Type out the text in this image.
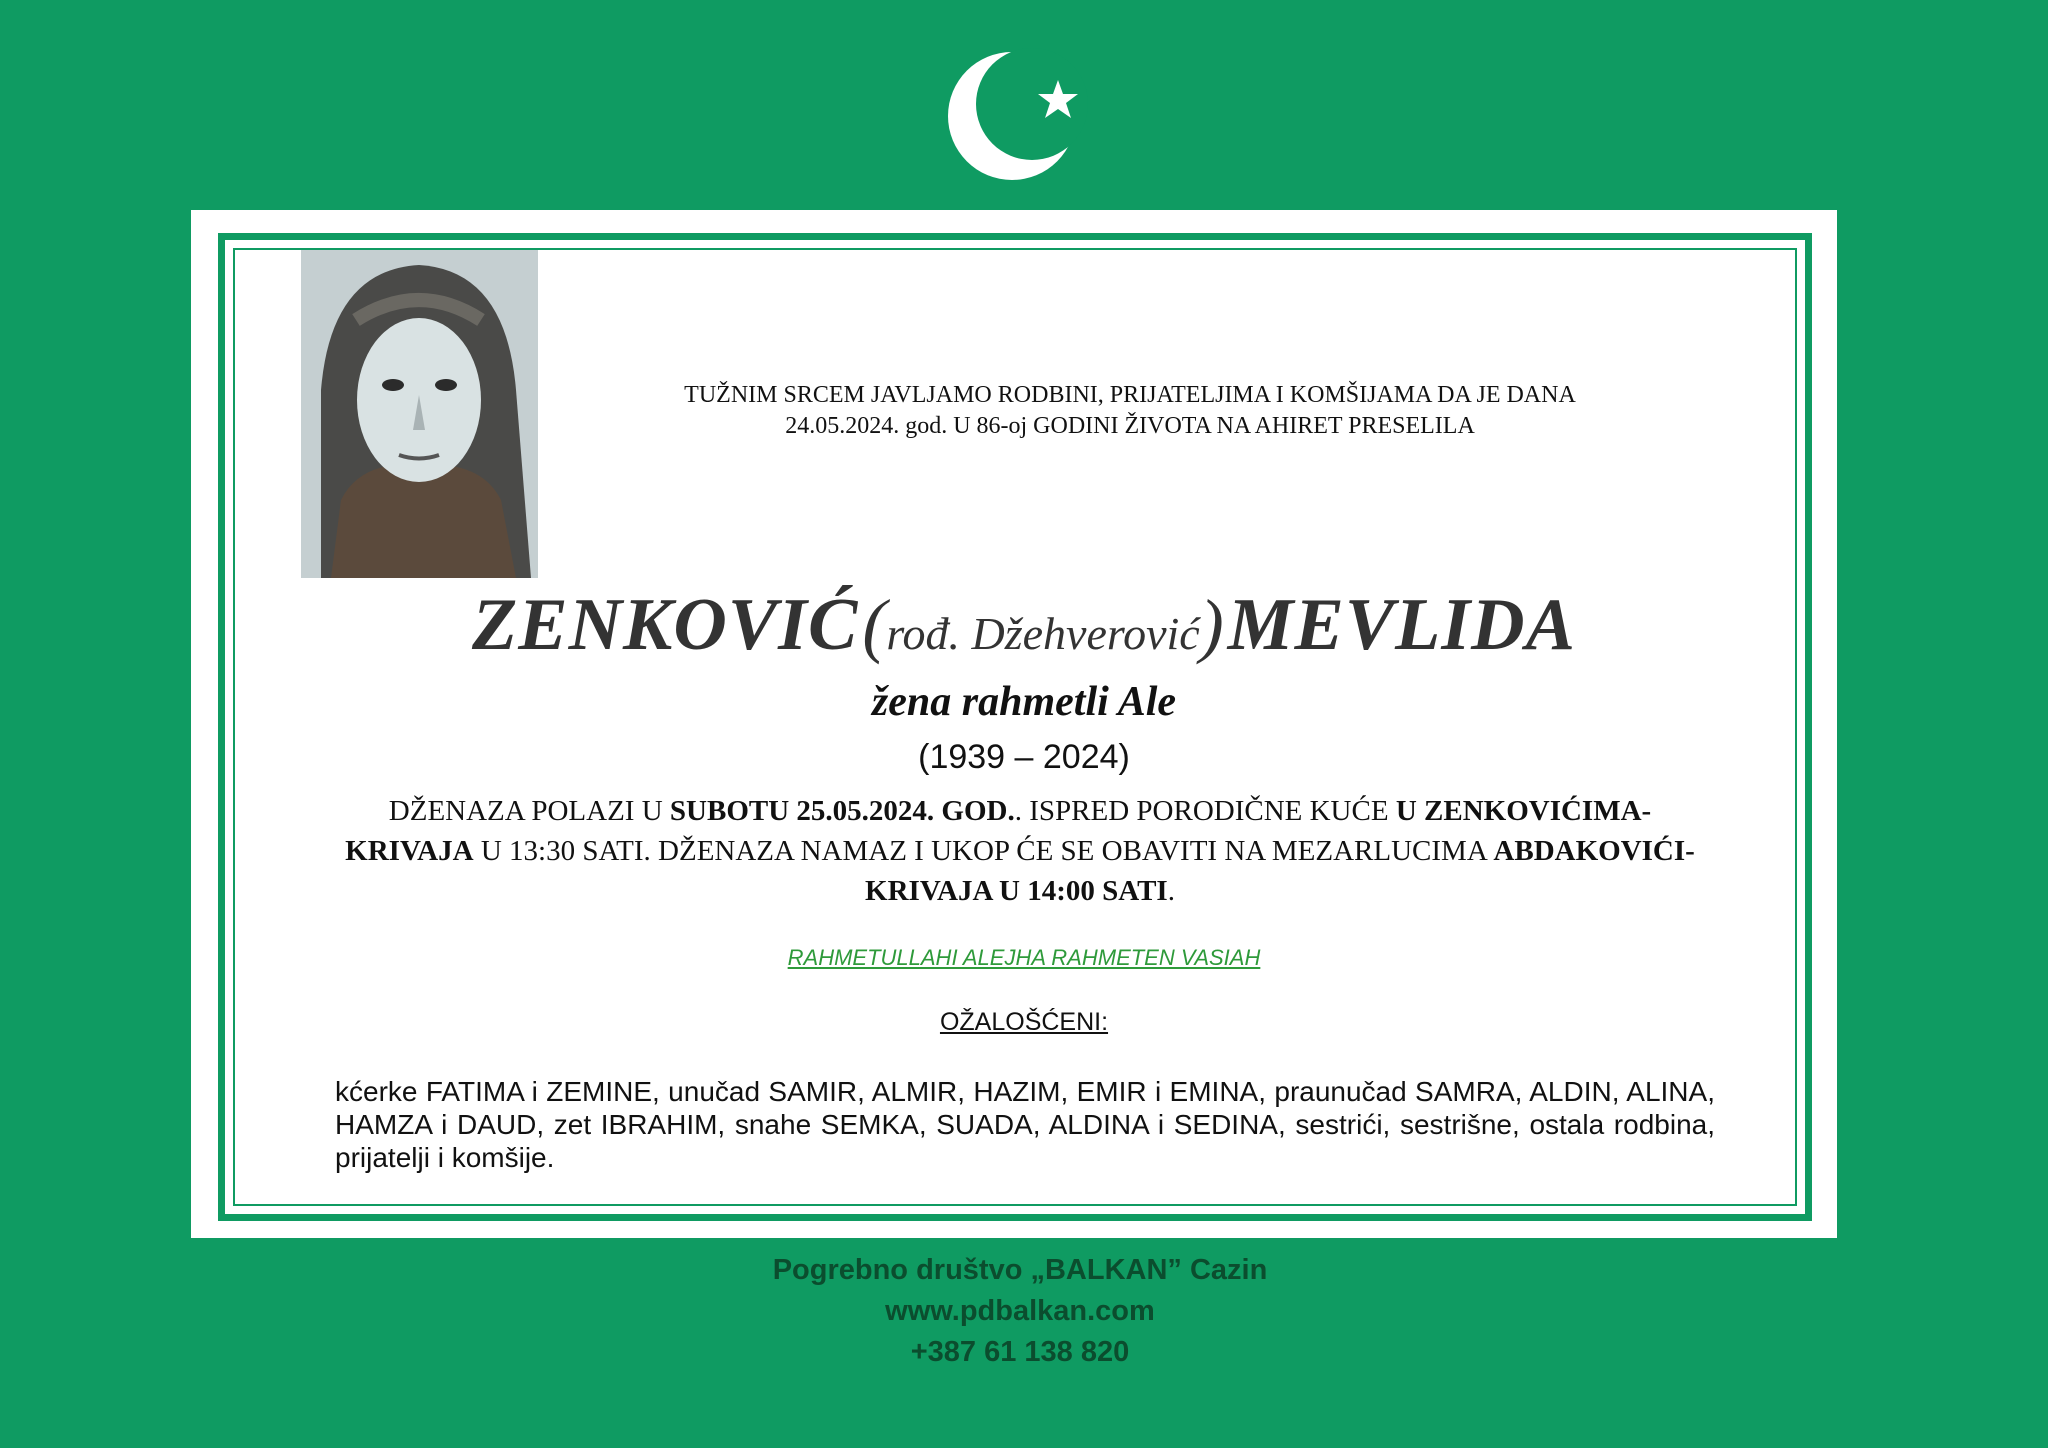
TUŽNIM SRCEM JAVLJAMO RODBINI, PRIJATELJIMA I KOMŠIJAMA DA JE DANA
24.05.2024. god. U 86-oj GODINI ŽIVOTA NA AHIRET PRESELILA
ZENKOVIĆ (rođ. Džehverović) MEVLIDA
žena rahmetli Ale
(1939 – 2024)
DŽENAZA POLAZI U SUBOTU 25.05.2024. GOD.. ISPRED PORODIČNE KUĆE U ZENKOVIĆIMA-KRIVAJA U 13:30 SATI. DŽENAZA NAMAZ I UKOP ĆE SE OBAVITI NA MEZARLUCIMA ABDAKOVIĆI-KRIVAJA U 14:00 SATI.
RAHMETULLAHI ALEJHA RAHMETEN VASIAH
OŽALOŠĆENI:
kćerke FATIMA i ZEMINE, unučad SAMIR, ALMIR, HAZIM, EMIR i EMINA, praunučad SAMRA, ALDIN, ALINA, HAMZA i DAUD, zet IBRAHIM, snahe SEMKA, SUADA, ALDINA i SEDINA, sestrići, sestrišne, ostala rodbina, prijatelji i komšije.
Pogrebno društvo „BALKAN” Cazin
www.pdbalkan.com
+387 61 138 820
